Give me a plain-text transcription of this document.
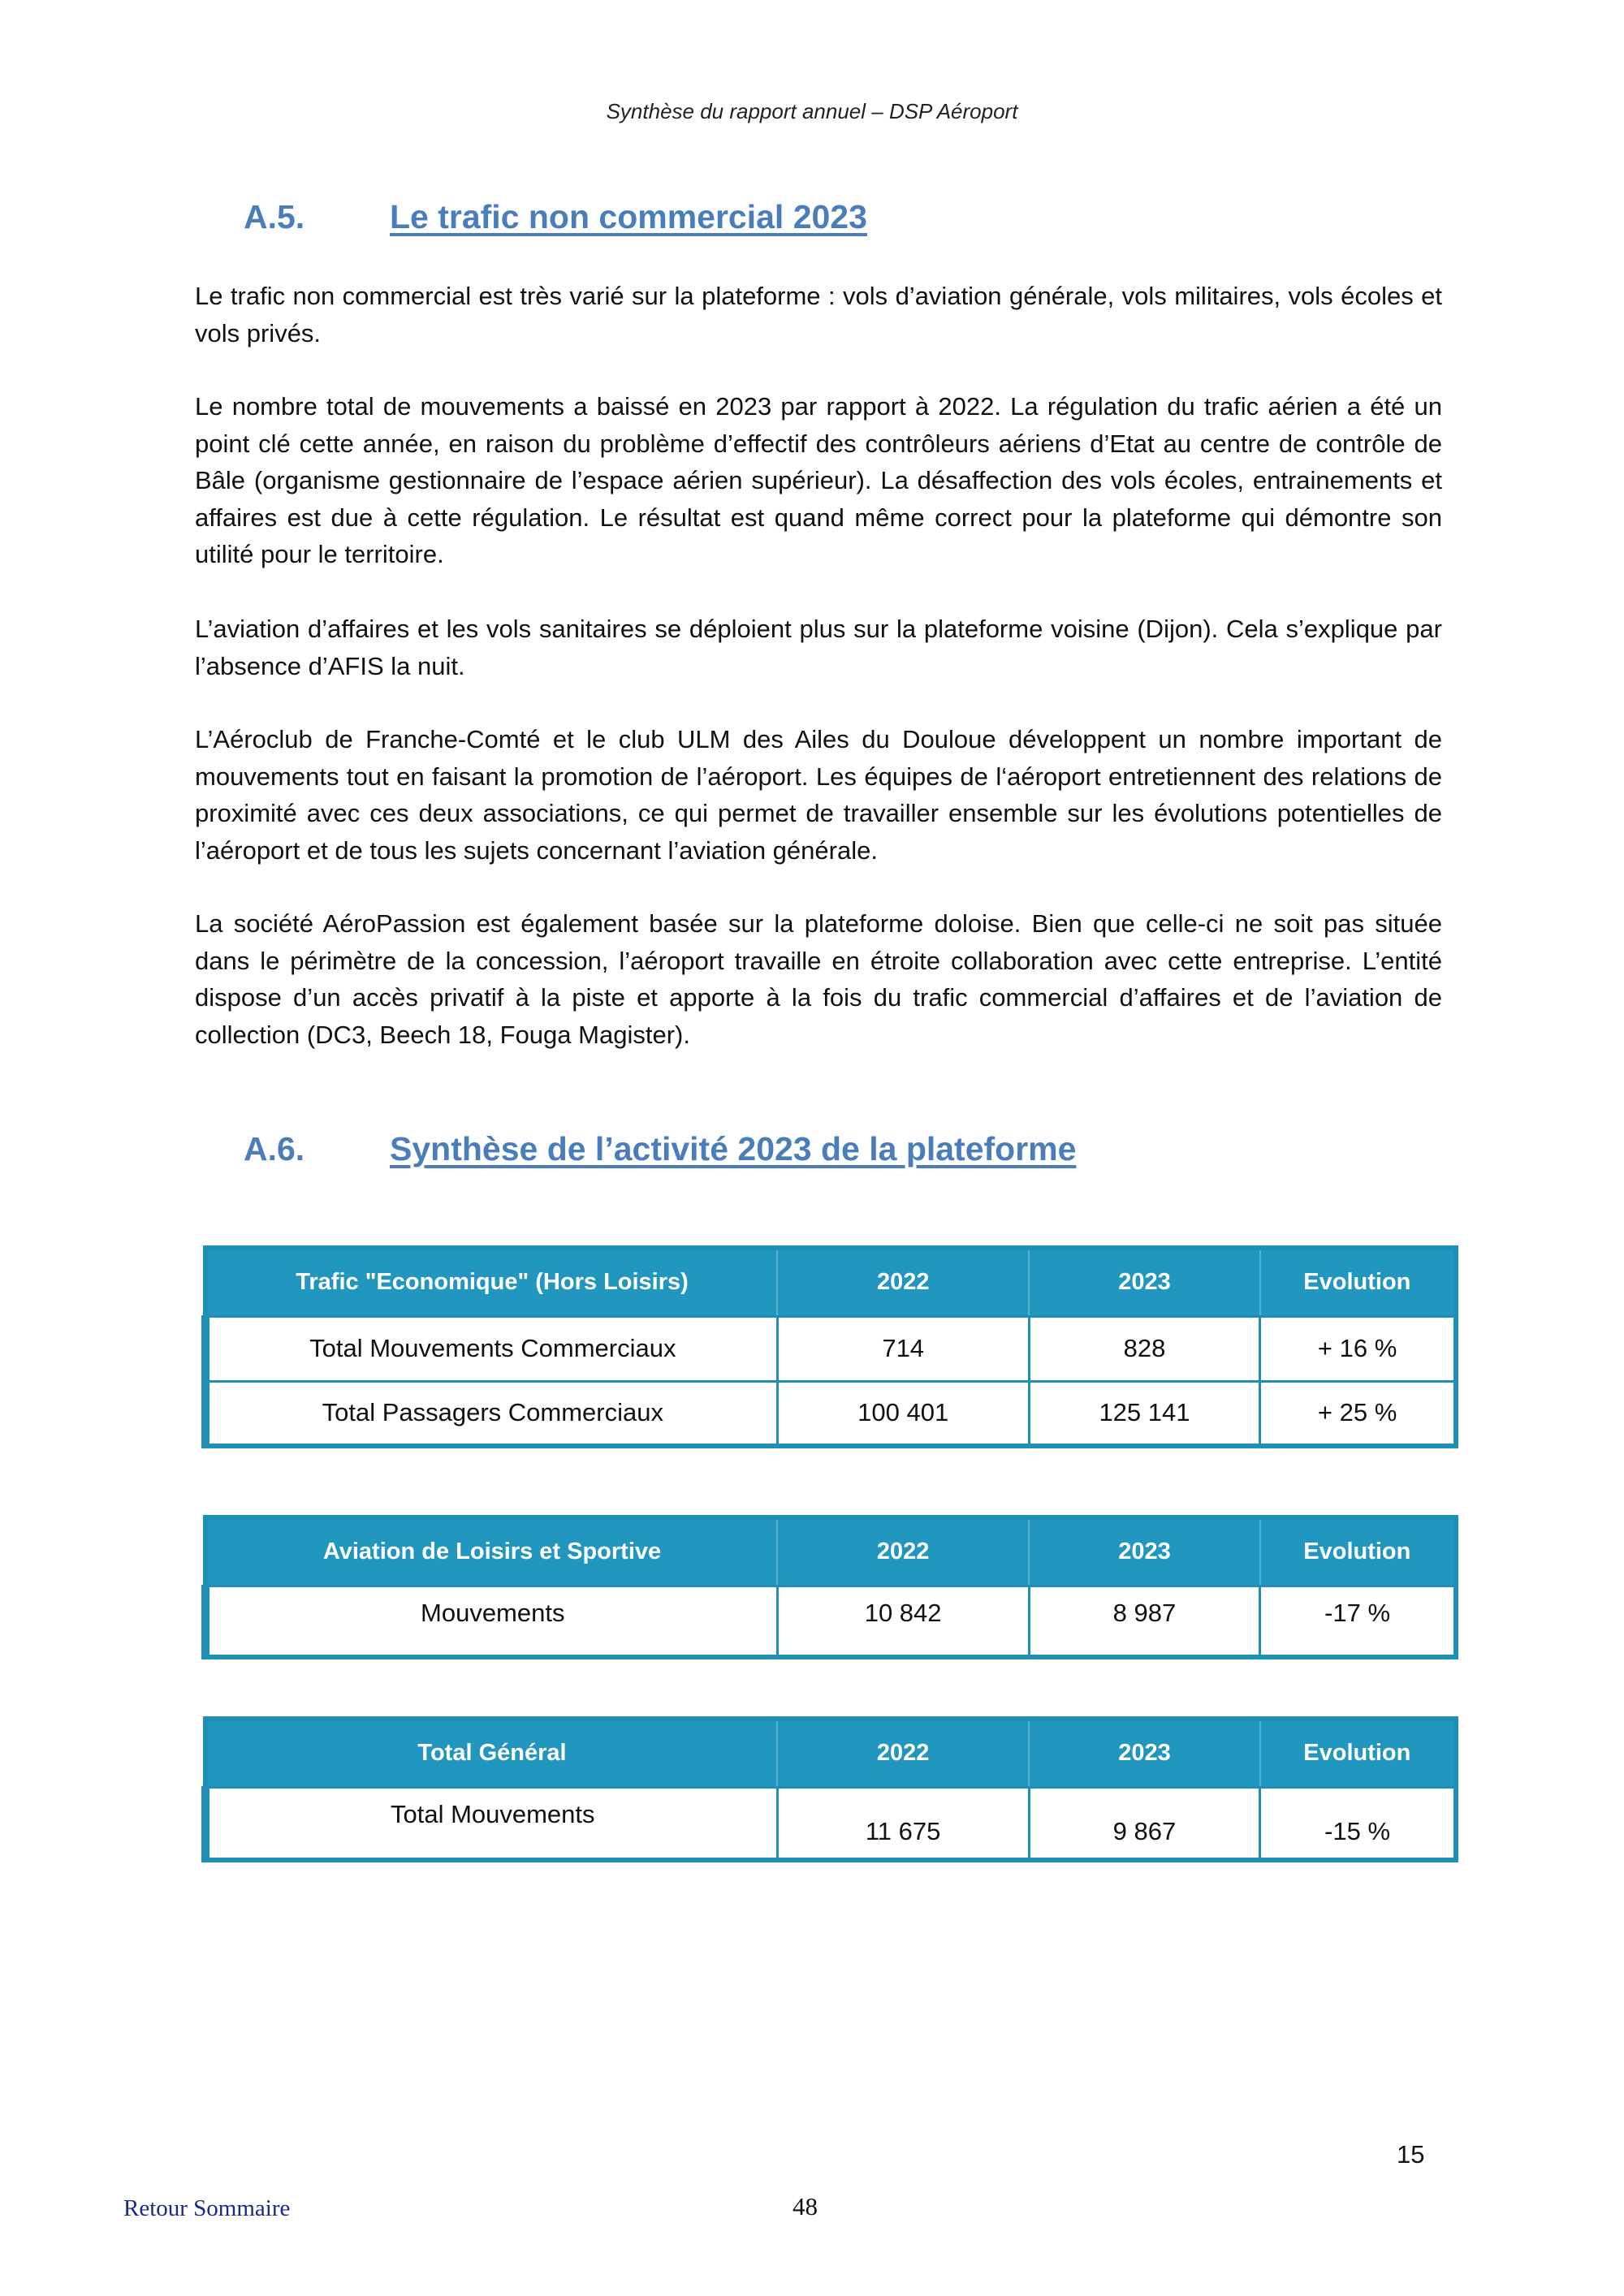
Synthèse du rapport annuel – DSP Aéroport
A.5.	Le trafic non commercial 2023

Le trafic non commercial est très varié sur la plateforme : vols d’aviation générale, vols militaires, vols écoles et vols privés.

Le nombre total de mouvements a baissé en 2023 par rapport à 2022. La régulation du trafic aérien a été un point clé cette année, en raison du problème d’effectif des contrôleurs aériens d’Etat au centre de contrôle de Bâle (organisme gestionnaire de l’espace aérien supérieur). La désaffection des vols écoles, entrainements et affaires est due à cette régulation. Le résultat est quand même correct pour la plateforme qui démontre son utilité pour le territoire.

L’aviation d’affaires et les vols sanitaires se déploient plus sur la plateforme voisine (Dijon). Cela s’explique par l’absence d’AFIS la nuit.

L’Aéroclub de Franche-Comté et le club ULM des Ailes du Douloue développent un nombre important de mouvements tout en faisant la promotion de l’aéroport. Les équipes de l‘aéroport entretiennent des relations de proximité avec ces deux associations, ce qui permet de travailler ensemble sur les évolutions potentielles de l’aéroport et de tous les sujets concernant l’aviation générale.

La société AéroPassion est également basée sur la plateforme doloise. Bien que celle-ci ne soit pas située dans le périmètre de la concession, l’aéroport travaille en étroite collaboration avec cette entreprise. L’entité dispose d’un accès privatif à la piste et apporte à la fois du trafic commercial d’affaires et de l’aviation de collection (DC3, Beech 18, Fouga Magister).

A.6.	Synthèse de l’activité 2023 de la plateforme
Trafic "Economique" (Hors Loisirs)	2022	2023	Evolution
Total Mouvements Commerciaux	714	828	+ 16 %
Total Passagers Commerciaux	100 401	125 141	+ 25 %
Aviation de Loisirs et Sportive	2022	2023	Evolution
Mouvements	10 842	8 987	-17 %
Total Général	2022	2023	Evolution
Total Mouvements	11 675	9 867	-15 %
15
Retour Sommaire	48
